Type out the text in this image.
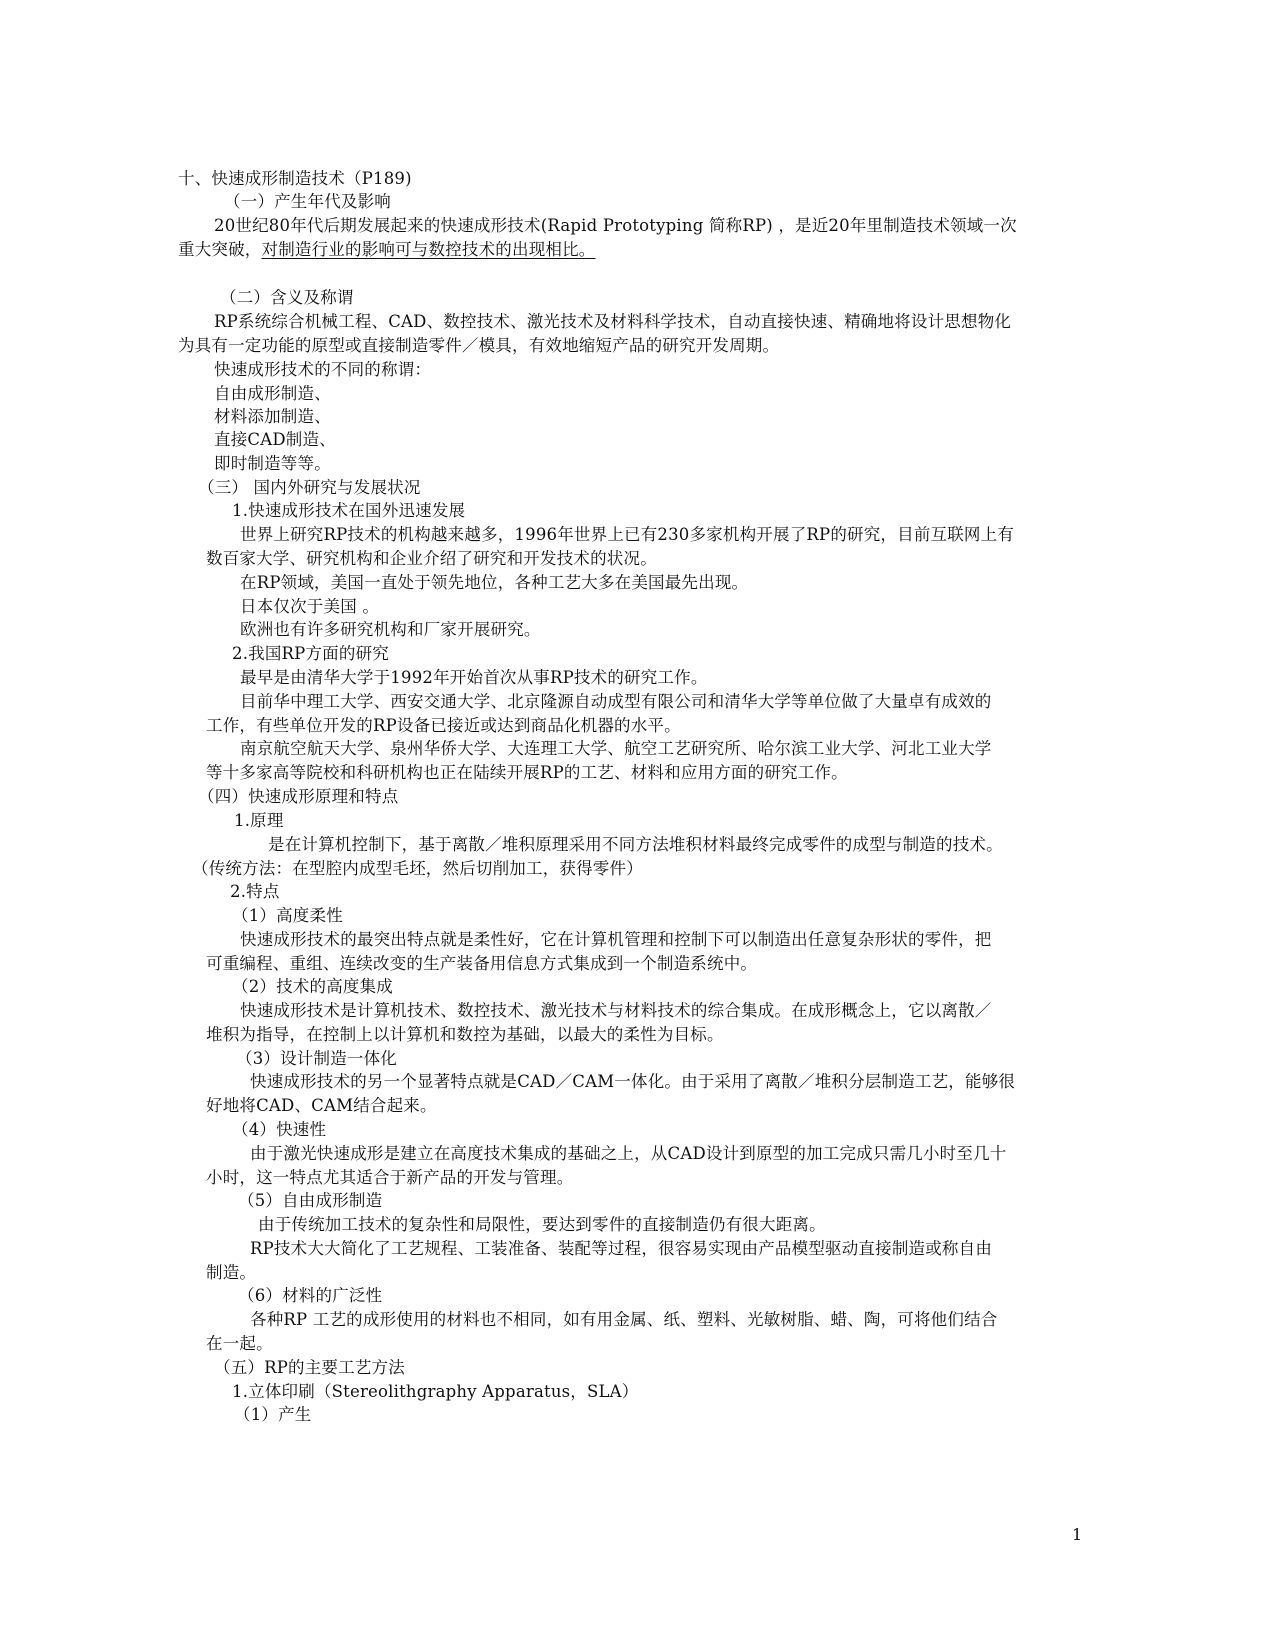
十、快速成形制造技术（P189)
（一）产生年代及影响
20世纪80年代后期发展起来的快速成形技术(Rapid Prototyping 简称RP) ，是近20年里制造技术领域一次
重大突破，对制造行业的影响可与数控技术的出现相比。
（二）含义及称谓
RP系统综合机械工程、CAD、数控技术、激光技术及材料科学技术，自动直接快速、精确地将设计思想物化
为具有一定功能的原型或直接制造零件／模具，有效地缩短产品的研究开发周期。
快速成形技术的不同的称谓：
自由成形制造、
材料添加制造、
直接CAD制造、
即时制造等等。
（三） 国内外研究与发展状况
1.快速成形技术在国外迅速发展
世界上研究RP技术的机构越来越多，1996年世界上已有230多家机构开展了RP的研究，目前互联网上有
数百家大学、研究机构和企业介绍了研究和开发技术的状况。
在RP领域，美国一直处于领先地位，各种工艺大多在美国最先出现。
日本仅次于美国 。
欧洲也有许多研究机构和厂家开展研究。
2.我国RP方面的研究
最早是由清华大学于1992年开始首次从事RP技术的研究工作。
目前华中理工大学、西安交通大学、北京隆源自动成型有限公司和清华大学等单位做了大量卓有成效的
工作，有些单位开发的RP设备已接近或达到商品化机器的水平。
南京航空航天大学、泉州华侨大学、大连理工大学、航空工艺研究所、哈尔滨工业大学、河北工业大学
等十多家高等院校和科研机构也正在陆续开展RP的工艺、材料和应用方面的研究工作。
（四）快速成形原理和特点
1.原理
是在计算机控制下，基于离散／堆积原理采用不同方法堆积材料最终完成零件的成型与制造的技术。
（传统方法：在型腔内成型毛坯，然后切削加工，获得零件）
2.特点
（1）高度柔性
快速成形技术的最突出特点就是柔性好，它在计算机管理和控制下可以制造出任意复杂形状的零件，把
可重编程、重组、连续改变的生产装备用信息方式集成到一个制造系统中。
（2）技术的高度集成
快速成形技术是计算机技术、数控技术、激光技术与材料技术的综合集成。在成形概念上，它以离散／
堆积为指导，在控制上以计算机和数控为基础，以最大的柔性为目标。
（3）设计制造一体化
快速成形技术的另一个显著特点就是CAD／CAM一体化。由于采用了离散／堆积分层制造工艺，能够很
好地将CAD、CAM结合起来。
（4）快速性
由于激光快速成形是建立在高度技术集成的基础之上，从CAD设计到原型的加工完成只需几小时至几十
小时，这一特点尤其适合于新产品的开发与管理。
（5）自由成形制造
由于传统加工技术的复杂性和局限性，要达到零件的直接制造仍有很大距离。
RP技术大大简化了工艺规程、工装准备、装配等过程，很容易实现由产品模型驱动直接制造或称自由
制造。
（6）材料的广泛性
各种RP 工艺的成形使用的材料也不相同，如有用金属、纸、塑料、光敏树脂、蜡、陶，可将他们结合
在一起。
（五）RP的主要工艺方法
1.立体印刷（Stereolithgraphy Apparatus，SLA）
（1）产生
1
